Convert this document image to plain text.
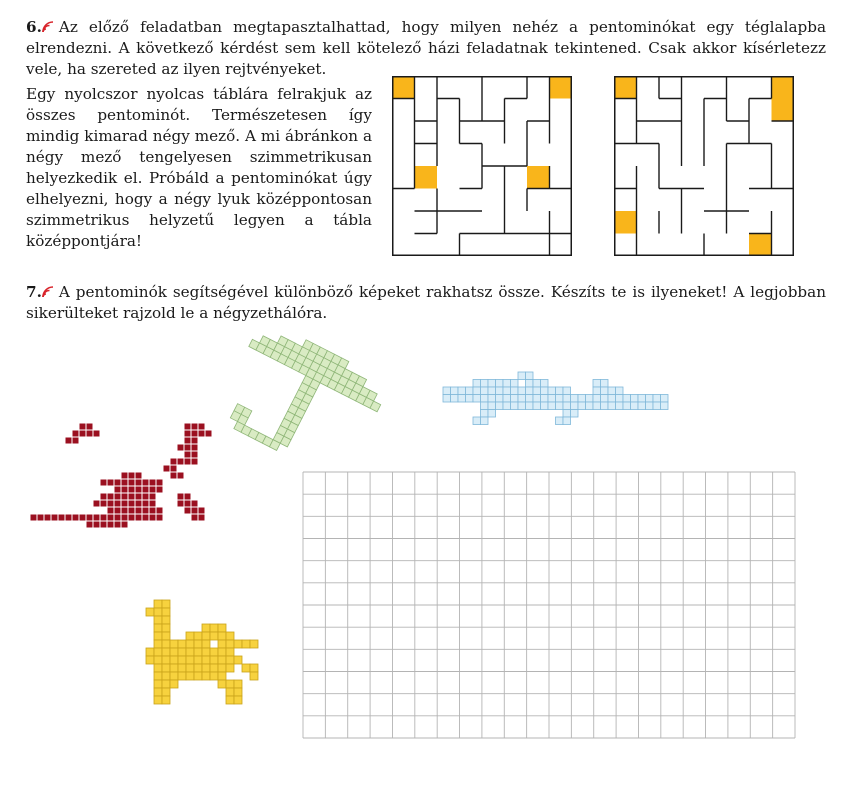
6. Az előző feladatban megtapasztalhattad, hogy milyen nehéz a pentominókat egy téglalapba elrendezni. A következő kérdést sem kell kötelező házi feladatnak tekintened. Csak akkor kísérletezz vele, ha szereted az ilyen rejtvényeket.
Egy nyolcszor nyolcas táblára felrakjuk az összes pentominót. Természetesen így mindig kimarad négy mező. A mi ábránkon a négy mező tengelyesen szimmetrikusan helyezkedik el. Próbáld a pentominókat úgy elhelyezni, hogy a négy lyuk középpontosan szimmetrikus helyzetű legyen a tábla középpontjára!
7. A pentominók segítségével különböző képeket rakhatsz össze. Készíts te is ilyeneket! A legjobban sikerülteket rajzold le a négyzethálóra.
